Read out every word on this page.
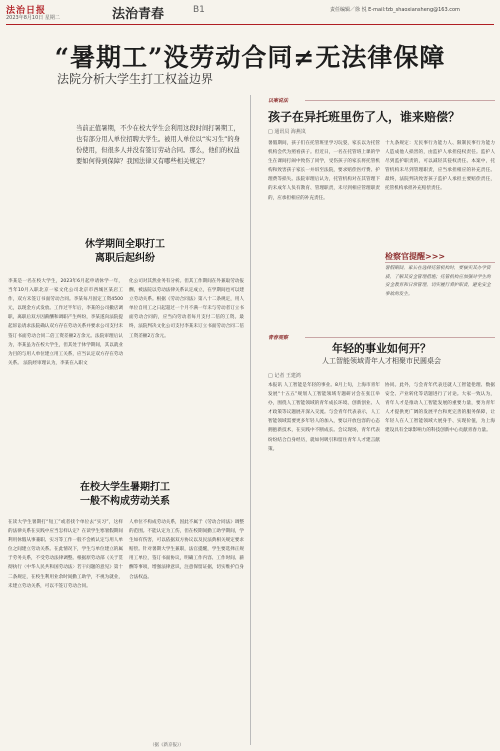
法治日报
2023年8月10日 星期二	法治青春	B1	责任编辑／徐 悦 E-mail:fzb_shaoxiansheng@163.com
“暑期工”没劳动合同≠无法律保障
法院分析大学生打工权益边界
当前正值暑期，不少在校大学生会利用这段时间打暑期工，也有部分用人单位招聘大学生。被用人单位以“实习生”的身份使用，但很多人并没有签订劳动合同。那么，他们的权益要如何得到保障？我国法律又有哪些相关规定？
休学期间全职打工
离职后起纠纷
李某是一名在校大学生，2023年6月起申请休学一年，当年10月入职北京一家文化公司北京市西城区某店工作，双方未签订书面劳动合同。李某每月固定工资4500元，以现金方式发放。工作过半年后，李某的公司撤店调职，离职后双方因薪酬和调职产生纠纷，李某遂向法院提起诉讼请求法院确认双方存在劳动关系并要求公司支付未签订书面劳动合同二倍工资差额2万余元。法院审理后认为，李某虽为在校大学生，但其处于休学期间，其以就业为目的与用人单位建立用工关系，应当认定双方存在劳动关系。 法院经审理认为，李某在入职文
化公司对其然业务有分析。但其工作期间在外兼取劳动报酬，被法院以劳动法律关系认定成立，在学期间也可以建立劳动关系。根据《劳动合同法》第八十二条规定，用人单位自用工之日起超过一个月不满一年未与劳动者订立书面劳动合同的，应当向劳动者每月支付二倍的工资。最终，法院判决文化公司支付李某未订立书面劳动合同二倍工资差额2万余元。
在校大学生暑期打工
一般不构成劳动关系
在读大学生暑期打“短工”或者找个单位去“实习”，这样的法律关系在实践中应当怎样认定？在读学生寒暑假期间利用休假从事兼职、实习等工作一般不会被认定与用人单位之间建立劳动关系。在此情况下，学生与单位建立的属于劳务关系，不受劳动法律调整。根据原劳动部《关于贯彻执行〈中华人民共和国劳动法〉若干问题的意见》第十二条规定，在校生利用业余时间勤工助学，不视为就业，未建立劳动关系，可以不签订劳动合同。
人单位不构成劳动关系，因此不属于《劳动合同法》调整的范围。不能认定为工伤，但在校期间勤工助学期间，学生如有伤害，可以依据双方协议以及民法典相关规定要求赔偿。针对暑期大学生兼职，法官提醒，学生要选择正规用工单位，签订书面协议，明确工作内容、工作时间、薪酬等事项，增强法律意识，注意保留证据，切实维护自身合法权益。
（据《新京报》）
以案说法
孩子在异托班里伤了人，谁来赔偿？
□ 通讯员 海燕岚
暑假期间，孩子们在托管班里学习玩耍，家长以为托管机构会代为照看孩子。但近日，一名在托管班上课的学生在课间打闹中致伤了同学，受伤孩子的家长将托管机构和致害孩子家长一并诉至法院，要求赔偿医疗费、护理费等损失。法院审理后认为，托管机构对在其管理下的未成年人负有教育、管理职责，未尽到相应管理职责的，应承担相应的补充责任。
十九条规定：无民事行为能力人、限制民事行为能力人造成他人损害的，由监护人承担侵权责任。监护人尽到监护职责的，可以减轻其侵权责任。本案中，托管机构未尽到管理职责，应当承担相应的补充责任。最终，法院判决致害孩子监护人承担主要赔偿责任，托管机构承担补充赔偿责任。
检察官提醒>>>
暑假期间，家长在选择托管机构时，要核实其办学资质，了解其安全管理措施；托管机构应加强对学生的安全教育和日常管理，切实履行看护职责，避免安全事故的发生。
青春观察
年轻的事业如何开？
人工智能领域青年人才相聚市民圆桌会
□ 记者 王建鸿
本报讯 人工智能是年轻的事业。8月上旬，上海市青年发展“十五五”规划人工智能领域专题研讨会在张江举办，围绕人工智能领域的青年成长环境、创新创业、人才政策等议题展开深入交流。与会青年代表表示，人工智能领域需要更多年轻人的加入，要以开放包容的心态拥抱新技术，在实践中不断成长。会议现场，青年代表纷纷结合自身经历，就如何吸引和留住青年人才建言献策。
协同。此外，与会青年代表还就人工智能伦理、数据安全、产业转化等话题进行了讨论。大家一致认为，青年人才是推动人工智能发展的重要力量，要为青年人才提供更广阔的发展平台和更完善的服务保障，让年轻人在人工智能领域大展身手、实现价值，为上海建设具有全球影响力的科技创新中心贡献青春力量。
